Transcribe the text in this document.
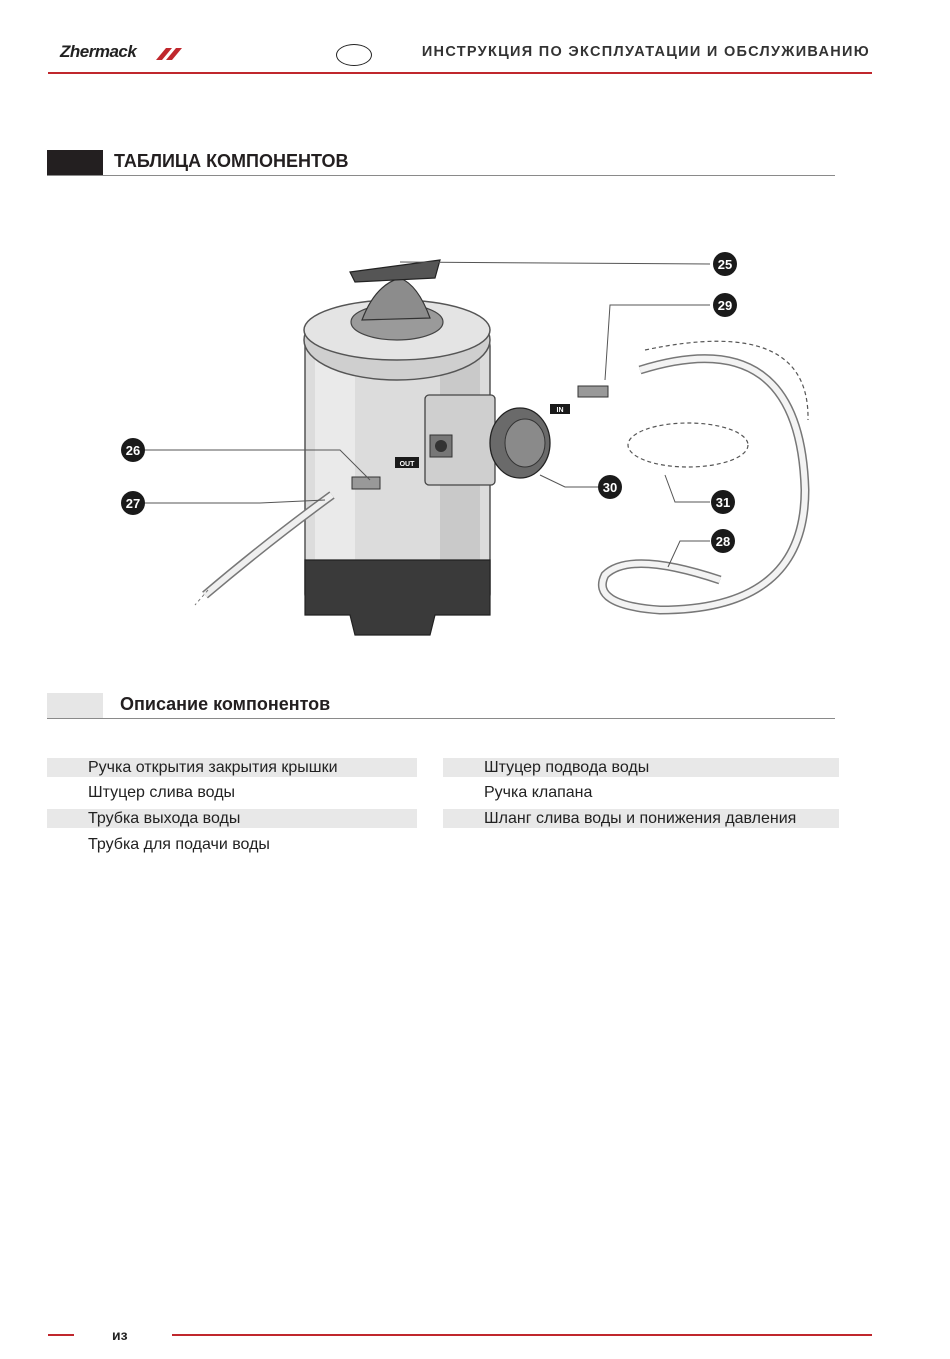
Zhermack	ИНСТРУКЦИЯ ПО ЭКСПЛУАТАЦИИ И ОБСЛУЖИВАНИЮ
ТАБЛИЦА КОМПОНЕНТОВ
OUT
IN
25
29
26
30
27	31
28
Описание компонентов
Ручка открытия закрытия крышки
Штуцер слива воды
Трубка выхода воды
Трубка для подачи воды
Штуцер подвода воды
Ручка клапана
Шланг слива воды и понижения давления
из
